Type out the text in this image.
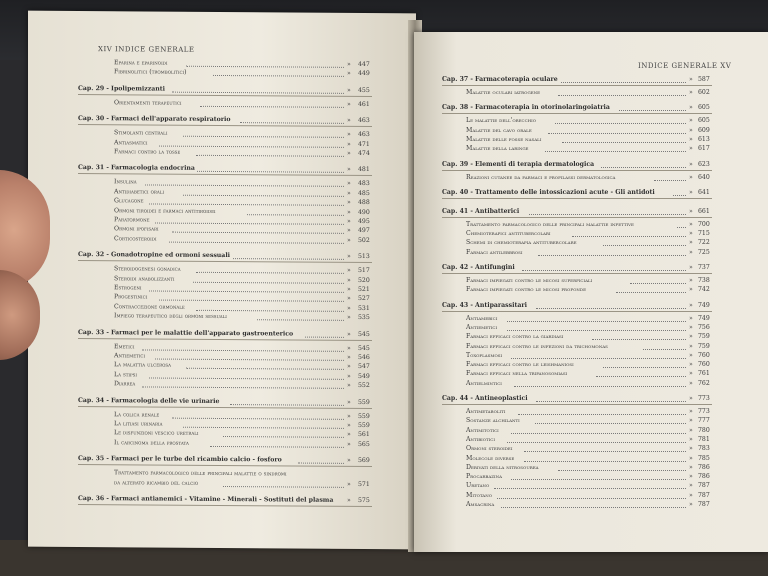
XIV INDICE GENERALE
Eparina e eparinoidi	» 447
Fibrinolitici (trombolitici)	» 449
Cap. 29 - Ipolipemizzanti	» 455
Orientamenti terapeutici	» 461
Cap. 30 - Farmaci dell'apparato respiratorio	» 463
Stimolanti centrali	» 463
Antiasmatici	» 471
Farmaci contro la tosse	» 474
Cap. 31 - Farmacologia endocrina	» 481
Insulina	» 483
Antidiabetici orali	» 485
Glucagone	» 488
Ormoni tiroidei e farmaci antitiroidei	» 490
Paratormone	» 495
Ormoni ipofisari	» 497
Corticosteroidi	» 502
Cap. 32 - Gonadotropine ed ormoni sessuali	» 513
Steroidogenesi gonadica	» 517
Steroidi anabolizzanti	» 520
Estrogeni	» 521
Progestinici	» 527
Contraccezione ormonale	» 531
Impiego terapeutico degli ormoni sessuali	» 535
Cap. 33 - Farmaci per le malattie dell'apparato gastroenterico	» 545
Emetici	» 545
Antiemetici	» 546
La malattia ulcerosa	» 547
La stipsi	» 549
Diarrea	» 552
Cap. 34 - Farmacologia delle vie urinarie	» 559
La colica renale	» 559
La litiasi urinaria	» 559
Le disfunzioni vescico uretrali	» 561
Il carcinoma della prostata	» 565
Cap. 35 - Farmaci per le turbe del ricambio calcio - fosforo	» 569
Trattamento farmacologico delle principali malattie o sindromi
da alterato ricambio del calcio	» 571
Cap. 36 - Farmaci antianemici - Vitamine - Minerali - Sostituti del plasma » 575
INDICE GENERALE XV
Cap. 37 - Farmacoterapia oculare	» 587
Malattie oculari iatrogene	» 602
Cap. 38 - Farmacoterapia in otorinolaringoiatria	» 605
Le malattie dell'orecchio	» 605
Malattie del cavo orale	» 609
Malattie delle fosse nasali	» 613
Malattie della laringe	» 617
Cap. 39 - Elementi di terapia dermatologica	» 623
Reazioni cutanee da farmaci e profilassi dermatologica	» 640
Cap. 40 - Trattamento delle intossicazioni acute - Gli antidoti	» 641
Cap. 41 - Antibatterici	» 661
Trattamento farmacologico delle principali malattie infettive	» 700
Chemioterapici antitubercolari	» 715
Schemi di chemioterapia antitubercolare	» 722
Farmaci antilebbrosi	» 725
Cap. 42 - Antifungini	» 737
Farmaci impiegati contro le micosi superficiali	» 738
Farmaci impiegati contro le micosi profonde	» 742
Cap. 43 - Antiparassitari	» 749
Antiamebici	» 749
Antiemetici	» 756
Farmaci efficaci contro la giardiasi	» 759
Farmaci efficaci contro le infezioni da trichomonas	» 759
Toxoplasmosi	» 760
Farmaci efficaci contro le leishmaniosi	» 760
Farmaci efficaci nella tripanosomiasi	» 761
Antielmintici	» 762
Cap. 44 - Antineoplastici	» 773
Antimetaboliti	» 773
Sostanze alchilanti	» 777
Antimitotici	» 780
Antibiotici	» 781
Ormoni steroidei	» 783
Molecole diverse	» 785
Derivati della nitrosourea	» 786
Procarbazina	» 786
Uretano	» 787
Mitotano	» 787
Amsacrina	» 787
